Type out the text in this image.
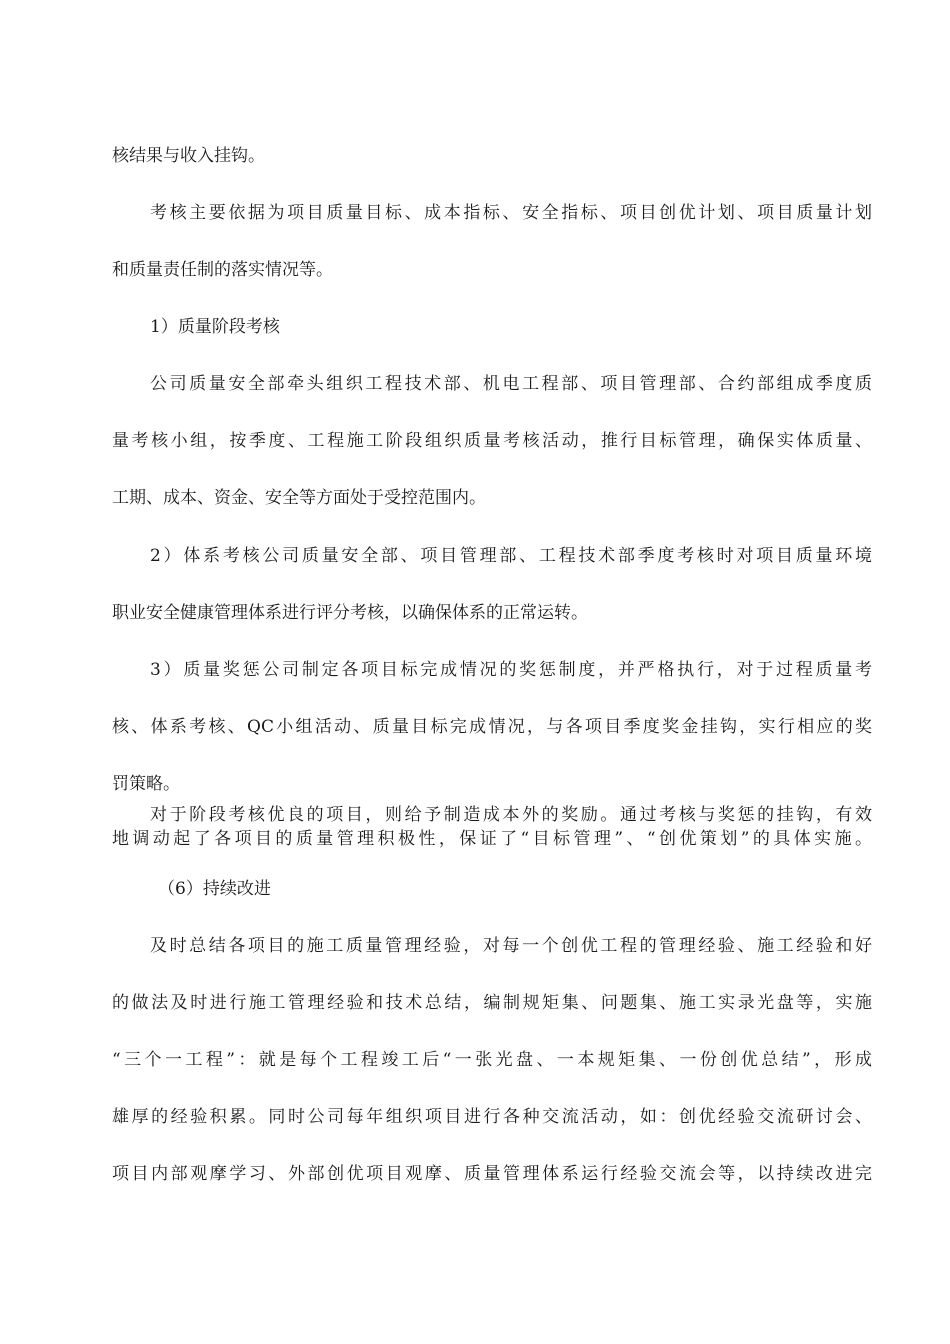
核结果与收入挂钩。
考核主要依据为项目质量目标、成本指标、安全指标、项目创优计划、项目质量计划
和质量责任制的落实情况等。
1）质量阶段考核
公司质量安全部牵头组织工程技术部、机电工程部、项目管理部、合约部组成季度质
量考核小组，按季度、工程施工阶段组织质量考核活动，推行目标管理，确保实体质量、
工期、成本、资金、安全等方面处于受控范围内。
2）体系考核公司质量安全部、项目管理部、工程技术部季度考核时对项目质量环境
职业安全健康管理体系进行评分考核，以确保体系的正常运转。
3）质量奖惩公司制定各项目标完成情况的奖惩制度，并严格执行，对于过程质量考
核、体系考核、QC小组活动、质量目标完成情况，与各项目季度奖金挂钩，实行相应的奖
罚策略。
对于阶段考核优良的项目，则给予制造成本外的奖励。通过考核与奖惩的挂钩，有效
地调动起了各项目的质量管理积极性，保证了“目标管理”、“创优策划”的具体实施。
（6）持续改进
及时总结各项目的施工质量管理经验，对每一个创优工程的管理经验、施工经验和好
的做法及时进行施工管理经验和技术总结，编制规矩集、问题集、施工实录光盘等，实施
“三个一工程”：就是每个工程竣工后“一张光盘、一本规矩集、一份创优总结”，形成
雄厚的经验积累。同时公司每年组织项目进行各种交流活动，如：创优经验交流研讨会、
项目内部观摩学习、外部创优项目观摩、质量管理体系运行经验交流会等，以持续改进完
